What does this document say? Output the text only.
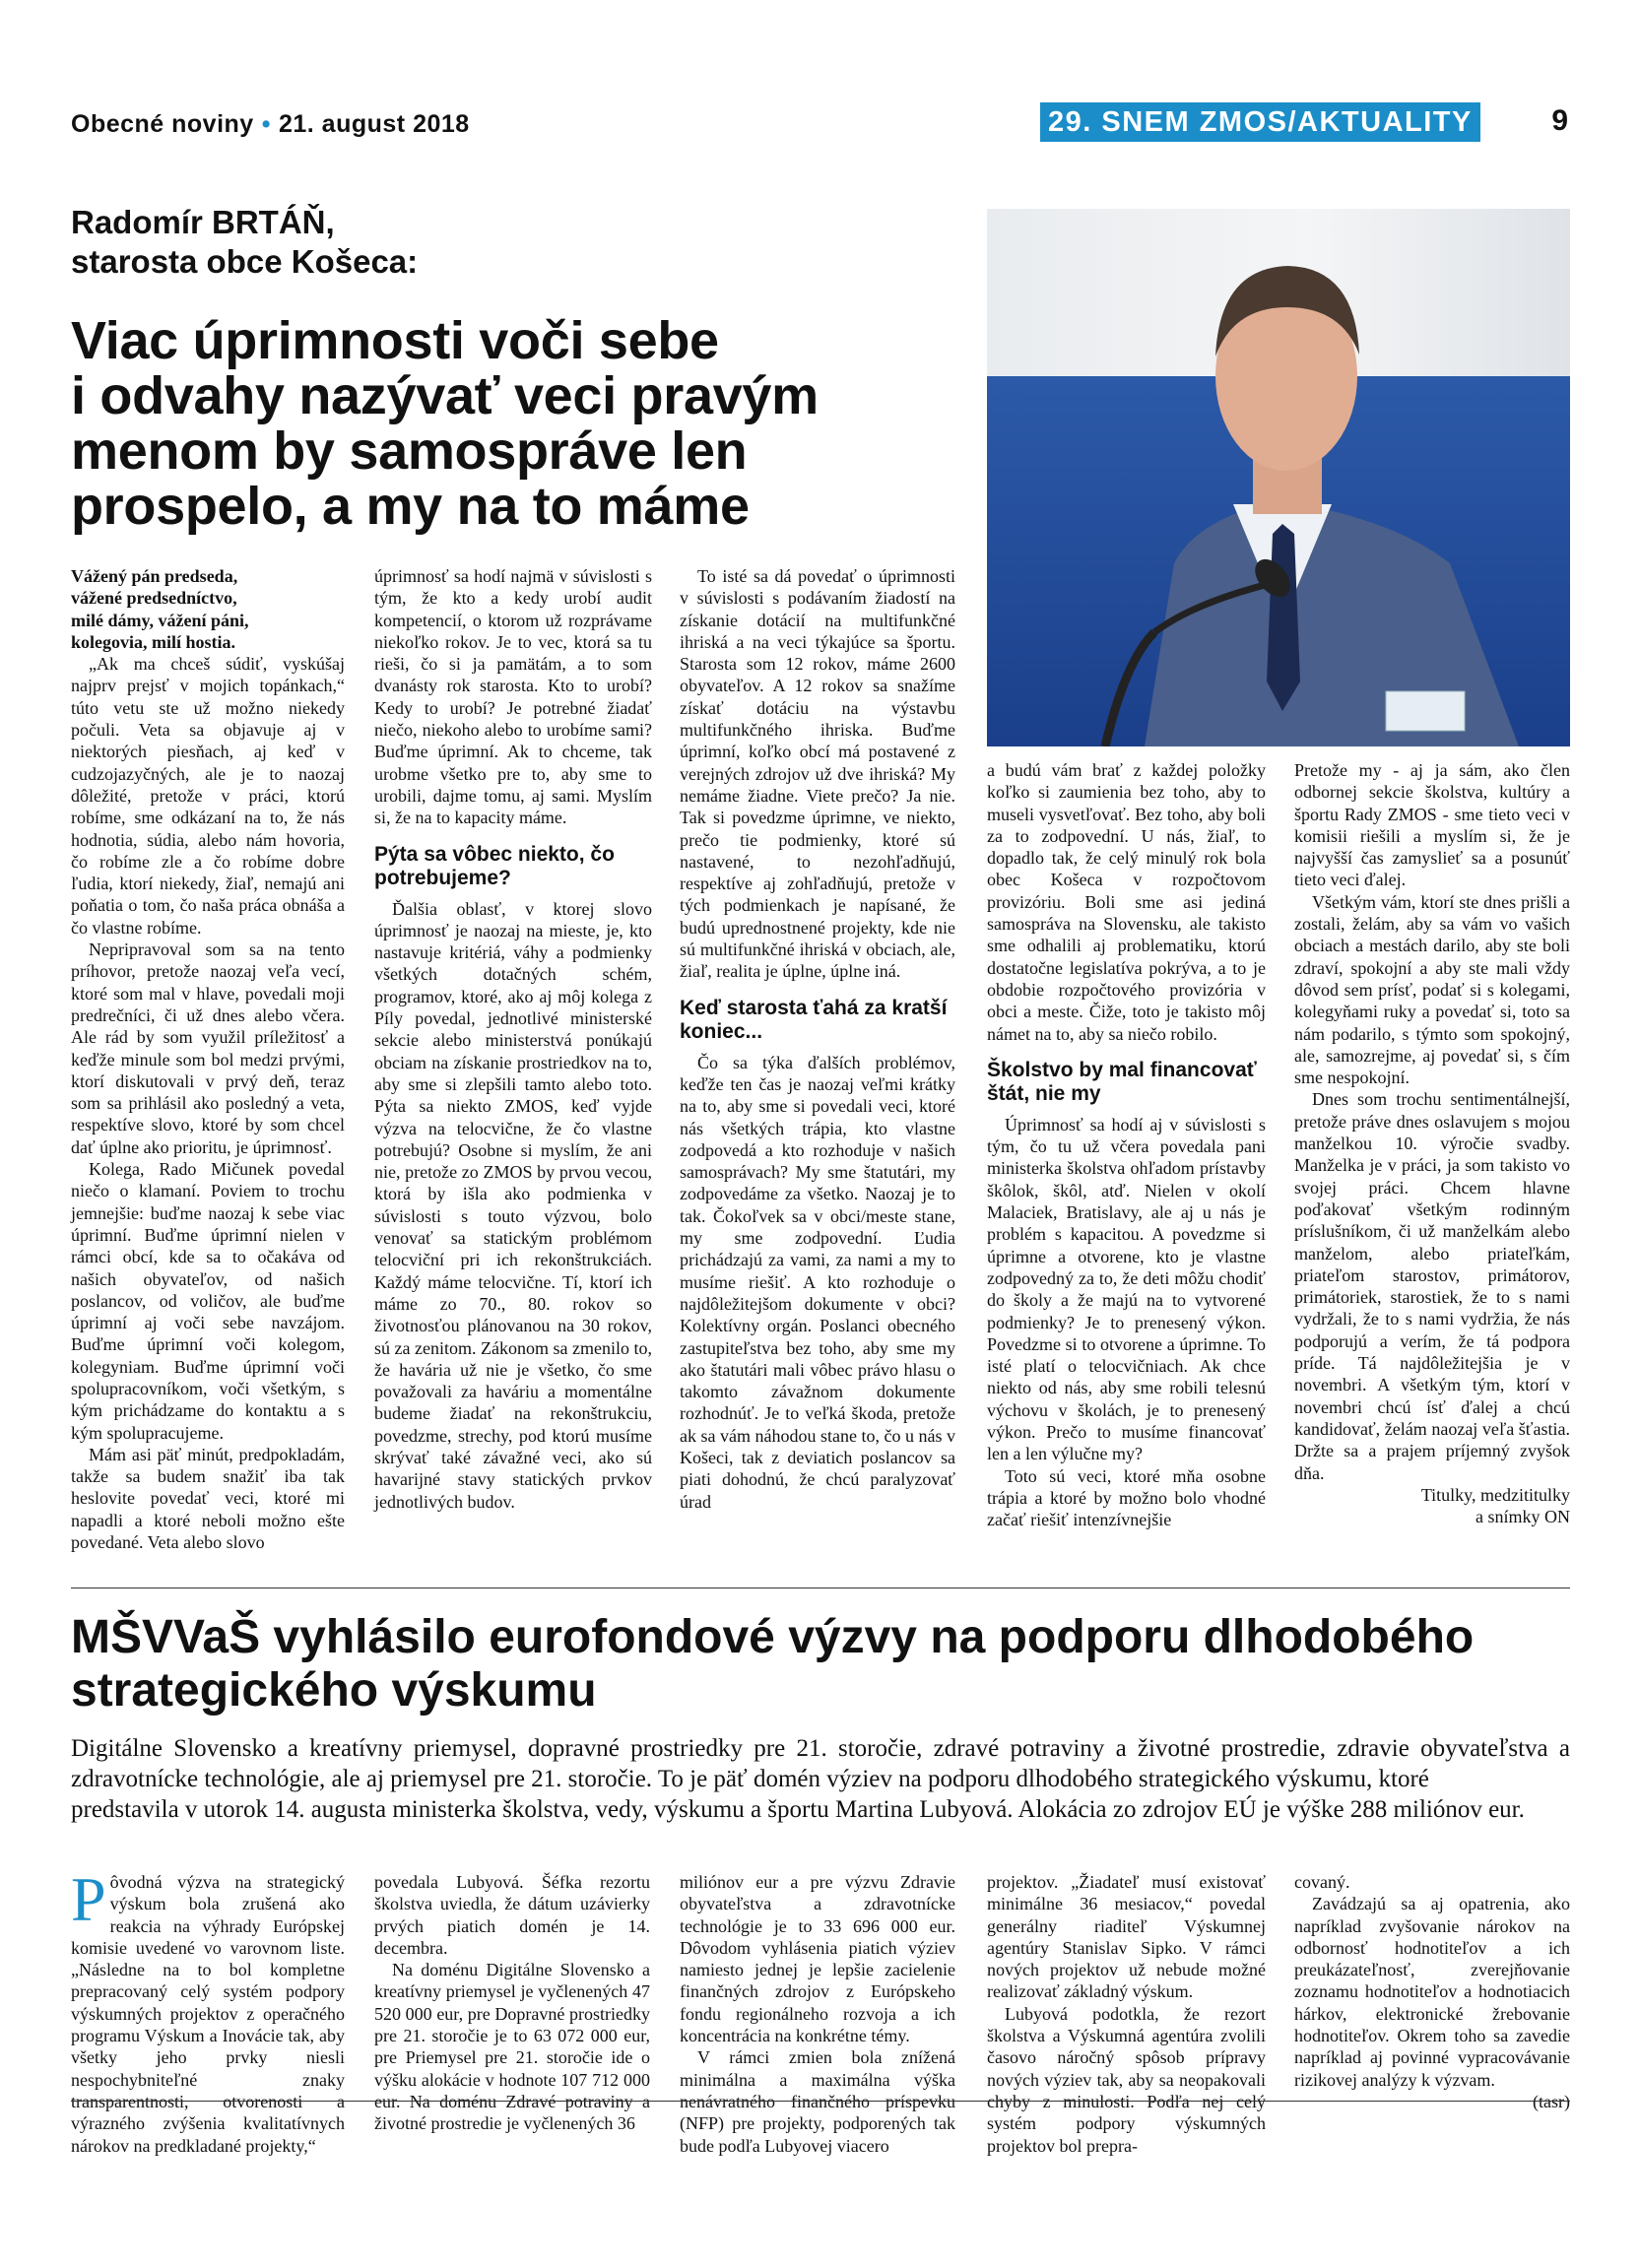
Obecné noviny • 21. august 2018	29. SNEM ZMOS/AKTUALITY	9
Radomír BRTÁŇ,
starosta obce Košeca:
Viac úprimnosti voči sebe
i odvahy nazývať veci pravým
menom by samospráve len
prospelo, a my na to máme

Vážený pán predseda,

vážené predsedníctvo,

milé dámy, vážení páni,

kolegovia, milí hostia.

„Ak ma chceš súdiť, vyskúšaj najprv prejsť v mojich topánkach,“ túto vetu ste už možno niekedy počuli. Veta sa objavuje aj v niektorých piesňach, aj keď v cudzojazyčných, ale je to naozaj dôležité, pretože v práci, ktorú robíme, sme odkázaní na to, že nás hodnotia, súdia, alebo nám hovoria, čo robíme zle a čo robíme dobre ľudia, ktorí niekedy, žiaľ, nemajú ani poňatia o tom, čo naša práca obnáša a čo vlastne robíme.

Nepripravoval som sa na tento príhovor, pretože naozaj veľa vecí, ktoré som mal v hlave, povedali moji predrečníci, či už dnes alebo včera. Ale rád by som využil príležitosť a keďže minule som bol medzi prvými, ktorí diskutovali v prvý deň, teraz som sa prihlásil ako posledný a veta, respektíve slovo, ktoré by som chcel dať úplne ako prioritu, je úprimnosť.

Kolega, Rado Mičunek povedal niečo o klamaní. Poviem to trochu jemnejšie: buďme naozaj k sebe viac úprimní. Buďme úprimní nielen v rámci obcí, kde sa to očakáva od našich obyvateľov, od našich poslancov, od voličov, ale buďme úprimní aj voči sebe navzájom. Buďme úprimní voči kolegom, kolegyniam. Buďme úprimní voči spolupracovníkom, voči všetkým, s kým prichádzame do kontaktu a s kým spolupracujeme.

Mám asi päť minút, predpokladám, takže sa budem snažiť iba tak heslovite povedať veci, ktoré mi napadli a ktoré neboli možno ešte povedané. Veta alebo slovo

úprimnosť sa hodí najmä v súvislosti s tým, že kto a kedy urobí audit kompetencií, o ktorom už rozprávame niekoľko rokov. Je to vec, ktorá sa tu rieši, čo si ja pamätám, a to som dvanásty rok starosta. Kto to urobí? Kedy to urobí? Je potrebné žiadať niečo, niekoho alebo to urobíme sami? Buďme úprimní. Ak to chceme, tak urobme všetko pre to, aby sme to urobili, dajme tomu, aj sami. Myslím si, že na to kapacity máme.

Pýta sa vôbec niekto, čo potrebujeme?

Ďalšia oblasť, v ktorej slovo úprimnosť je naozaj na mieste, je, kto nastavuje kritériá, váhy a podmienky všetkých dotačných schém, programov, ktoré, ako aj môj kolega z Píly povedal, jednotlivé ministerské sekcie alebo ministerstvá ponúkajú obciam na získanie prostriedkov na to, aby sme si zlepšili tamto alebo toto. Pýta sa niekto ZMOS, keď vyjde výzva na telocvične, že čo vlastne potrebujú? Osobne si myslím, že ani nie, pretože zo ZMOS by prvou vecou, ktorá by išla ako podmienka v súvislosti s touto výzvou, bolo venovať sa statickým problémom telocviční pri ich rekonštrukciách. Každý máme telocvične. Tí, ktorí ich máme zo 70., 80. rokov so životnosťou plánovanou na 30 rokov, sú za zenitom. Zákonom sa zmenilo to, že havária už nie je všetko, čo sme považovali za haváriu a momentálne budeme žiadať na rekonštrukciu, povedzme, strechy, pod ktorú musíme skrývať také závažné veci, ako sú havarijné stavy statických prvkov jednotlivých budov.

To isté sa dá povedať o úprimnosti v súvislosti s podávaním žiadostí na získanie dotácií na multifunkčné ihriská a na veci týkajúce sa športu. Starosta som 12 rokov, máme 2600 obyvateľov. A 12 rokov sa snažíme získať dotáciu na výstavbu multifunkčného ihriska. Buďme úprimní, koľko obcí má postavené z verejných zdrojov už dve ihriská? My nemáme žiadne. Viete prečo? Ja nie. Tak si povedzme úprimne, ve niekto, prečo tie podmienky, ktoré sú nastavené, to nezohľadňujú, respektíve aj zohľadňujú, pretože v tých podmienkach je napísané, že budú uprednostnené projekty, kde nie sú multifunkčné ihriská v obciach, ale, žiaľ, realita je úplne, úplne iná.

Keď starosta ťahá za kratší koniec...

Čo sa týka ďalších problémov, keďže ten čas je naozaj veľmi krátky na to, aby sme si povedali veci, ktoré nás všetkých trápia, kto vlastne zodpovedá a kto rozhoduje v našich samosprávach? My sme štatutári, my zodpovedáme za všetko. Naozaj je to tak. Čokoľvek sa v obci/meste stane, my sme zodpovední. Ľudia prichádzajú za vami, za nami a my to musíme riešiť. A kto rozhoduje o najdôležitejšom dokumente v obci? Kolektívny orgán. Poslanci obecného zastupiteľstva bez toho, aby sme my ako štatutári mali vôbec právo hlasu o takomto závažnom dokumente rozhodnúť. Je to veľká škoda, pretože ak sa vám náhodou stane to, čo u nás v Košeci, tak z deviatich poslancov sa piati dohodnú, že chcú paralyzovať úrad

a budú vám brať z každej položky koľko si zaumienia bez toho, aby to museli vysvetľovať. Bez toho, aby boli za to zodpovední. U nás, žiaľ, to dopadlo tak, že celý minulý rok bola obec Košeca v rozpočtovom provizóriu. Boli sme asi jediná samospráva na Slovensku, ale takisto sme odhalili aj problematiku, ktorú dostatočne legislatíva pokrýva, a to je obdobie rozpočtového provizória v obci a meste. Čiže, toto je takisto môj námet na to, aby sa niečo robilo.

Školstvo by mal financovať štát, nie my

Úprimnosť sa hodí aj v súvislosti s tým, čo tu už včera povedala pani ministerka školstva ohľadom prístavby škôlok, škôl, atď. Nielen v okolí Malaciek, Bratislavy, ale aj u nás je problém s kapacitou. A povedzme si úprimne a otvorene, kto je vlastne zodpovedný za to, že deti môžu chodiť do školy a že majú na to vytvorené podmienky? Je to prenesený výkon. Povedzme si to otvorene a úprimne. To isté platí o telocvičniach. Ak chce niekto od nás, aby sme robili telesnú výchovu v školách, je to prenesený výkon. Prečo to musíme financovať len a len výlučne my?

Toto sú veci, ktoré mňa osobne trápia a ktoré by možno bolo vhodné začať riešiť intenzívnejšie

Pretože my - aj ja sám, ako člen odbornej sekcie školstva, kultúry a športu Rady ZMOS - sme tieto veci v komisii riešili a myslím si, že je najvyšší čas zamyslieť sa a posunúť tieto veci ďalej.

Všetkým vám, ktorí ste dnes prišli a zostali, želám, aby sa vám vo vašich obciach a mestách darilo, aby ste boli zdraví, spokojní a aby ste mali vždy dôvod sem prísť, podať si s kolegami, kolegyňami ruky a povedať si, toto sa nám podarilo, s týmto som spokojný, ale, samozrejme, aj povedať si, s čím sme nespokojní.

Dnes som trochu sentimentálnejší, pretože práve dnes oslavujem s mojou manželkou 10. výročie svadby. Manželka je v práci, ja som takisto vo svojej práci. Chcem hlavne poďakovať všetkým rodinným príslušníkom, či už manželkám alebo manželom, alebo priateľkám, priateľom starostov, primátorov, primátoriek, starostiek, že to s nami vydržali, že to s nami vydržia, že nás podporujú a verím, že tá podpora príde. Tá najdôležitejšia je v novembri. A všetkým tým, ktorí v novembri chcú ísť ďalej a chcú kandidovať, želám naozaj veľa šťastia. Držte sa a prajem príjemný zvyšok dňa.

Titulky, medzititulky

a snímky ON

MŠVVaŠ vyhlásilo eurofondové výzvy na podporu dlhodobého
strategického výskumu
Digitálne Slovensko a kreatívny priemysel, dopravné prostriedky pre 21. storočie, zdravé potraviny a životné prostredie, zdravie obyvateľstva a zdravotnícke technológie, ale aj priemysel pre 21. storočie. To je päť domén výziev na podporu dlhodobého strategického výskumu, ktoré
predstavila v utorok 14. augusta ministerka školstva, vedy, výskumu a športu Martina Lubyová. Alokácia zo zdrojov EÚ je výške 288 miliónov eur.

Pôvodná výzva na strategický výskum bola zrušená ako reakcia na výhrady Európskej komisie uvedené vo varovnom liste. „Následne na to bol kompletne prepracovaný celý systém podpory výskumných projektov z operačného programu Výskum a Inovácie tak, aby všetky jeho prvky niesli nespochybniteľné znaky transparentnosti, otvorenosti a výrazného zvýšenia kvalitatívnych nárokov na predkladané projekty,“

povedala Lubyová. Šéfka rezortu školstva uviedla, že dátum uzávierky prvých piatich domén je 14. decembra.

Na doménu Digitálne Slovensko a kreatívny priemysel je vyčlenených 47 520 000 eur, pre Dopravné prostriedky pre 21. storočie je to 63 072 000 eur, pre Priemysel pre 21. storočie ide o výšku alokácie v hodnote 107 712 000 eur. Na doménu Zdravé potraviny a životné prostredie je vyčlenených 36

miliónov eur a pre výzvu Zdravie obyvateľstva a zdravotnícke technológie je to 33 696 000 eur. Dôvodom vyhlásenia piatich výziev namiesto jednej je lepšie zacielenie finančných zdrojov z Európskeho fondu regionálneho rozvoja a ich koncentrácia na konkrétne témy.

V rámci zmien bola znížená minimálna a maximálna výška nenávratného finančného príspevku (NFP) pre projekty, podporených tak bude podľa Lubyovej viacero

projektov. „Žiadateľ musí existovať minimálne 36 mesiacov,“ povedal generálny riaditeľ Výskumnej agentúry Stanislav Sipko. V rámci nových projektov už nebude možné realizovať základný výskum.

Lubyová podotkla, že rezort školstva a Výskumná agentúra zvolili časovo náročný spôsob prípravy nových výziev tak, aby sa neopakovali chyby z minulosti. Podľa nej celý systém podpory výskumných projektov bol prepra-

covaný.

Zavádzajú sa aj opatrenia, ako napríklad zvyšovanie nárokov na odbornosť hodnotiteľov a ich preukázateľnosť, zverejňovanie zoznamu hodnotiteľov a hodnotiacich hárkov, elektronické žrebovanie hodnotiteľov. Okrem toho sa zavedie napríklad aj povinné vypracovávanie rizikovej analýzy k výzvam.

(tasr)
